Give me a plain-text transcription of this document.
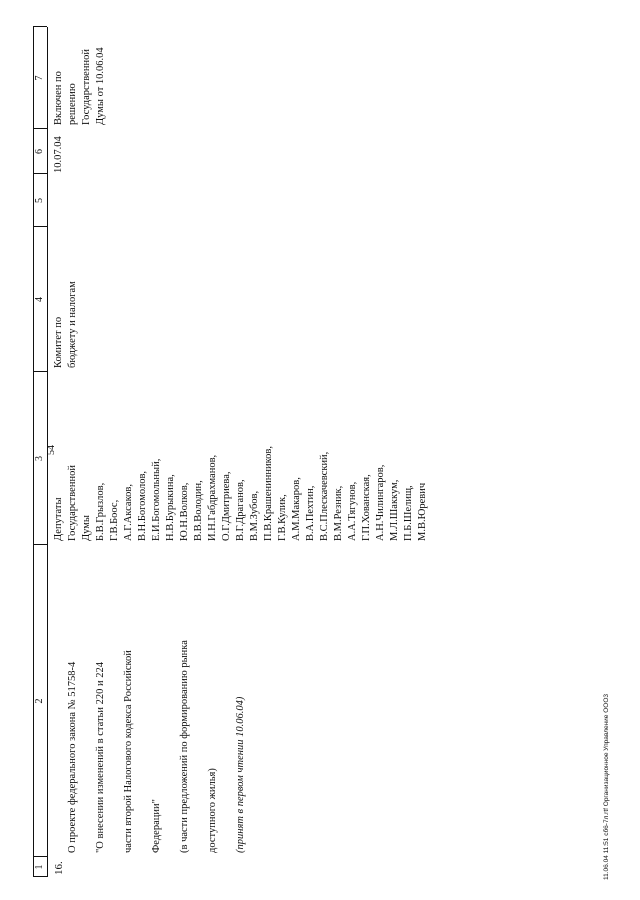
54
1
2
3
4
5
6
7
16.

О проекте федерального закона № 51758-4 "О внесении изменений в статьи 220 и 224 части второй Налогового кодекса Российской Федерации" (в части предложений по формированию рынка доступного жилья) (принят в первом чтении 10.06.04)

Депутаты
Государственной
Думы
Б.В.Грызлов,
Г.В.Боос,
А.Г.Аксаков,
В.Н.Богомолов,
Е.И.Богомольный,
Н.В.Бурыкина,
Ю.Н.Волков,
В.В.Володин,
И.Н.Габдрахманов,
О.Г.Дмитриева,
В.Г.Драганов,
В.М.Зубов,
П.В.Крашенинников,
Г.В.Кулик,
А.М.Макаров,
В.А.Пехтин,
В.С.Плескачевский,
В.М.Резник,
А.А.Тягунов,
Г.П.Хованская,
А.Н.Чилингаров,
М.Л.Шаккум,
П.Б.Шелищ,
М.В.Юревич
Комитет по
бюджету и налогам
10.07.04
Включен по
решению
Государственной
Думы от 10.06.04
11.06.04 11:51 сб6-7л.rtf Организационное Управление ООО3
